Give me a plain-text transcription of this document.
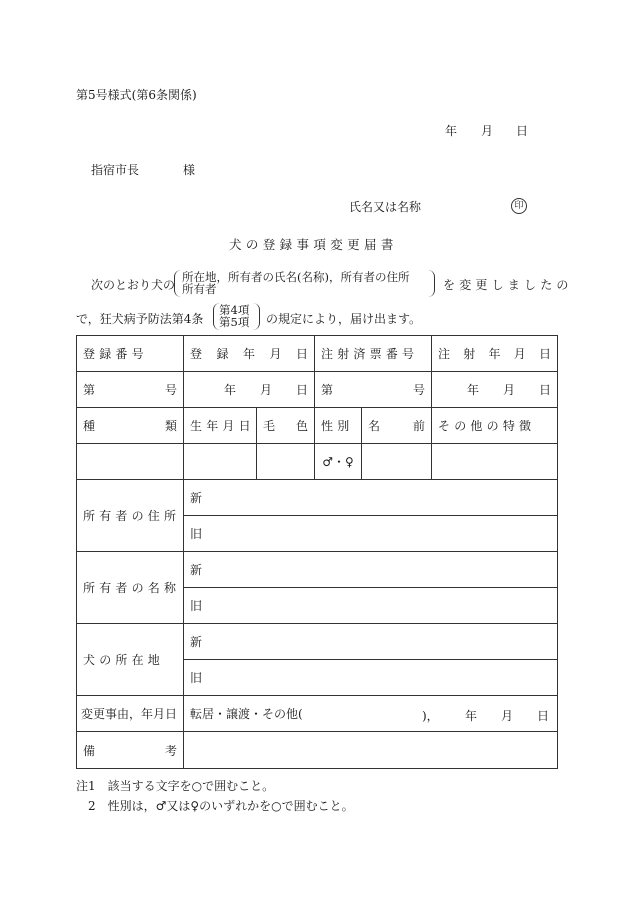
第5号様式(第6条関係)
年 月 日
指宿市長	様
氏名又は名称	印
犬の登録事項変更届書
次のとおり犬の
所在地，所有者の氏名(名称)，所有者の住所
所有者	を変更しましたの
で，狂犬病予防法第4条
第4項
第5項 の規定により，届け出ます。
登録番号	登 録 年 月 日		注射済票番号		注 射 年 月 日

第 号	年   月   日		第 号		年   月   日

種 類	生年月日	毛 色	性別	名 前	その他の特徴
			♂・♀		
所有者の住所	新				
	旧				
所有者の名称	新				
	旧				
犬の所在地	新				
	旧				
変更事由，年月日	転居・譲渡・その他( )， 年 月 日				

備 考					

注1　該当する文字を○で囲むこと。
2　性別は，♂又は♀のいずれかを○で囲むこと。
